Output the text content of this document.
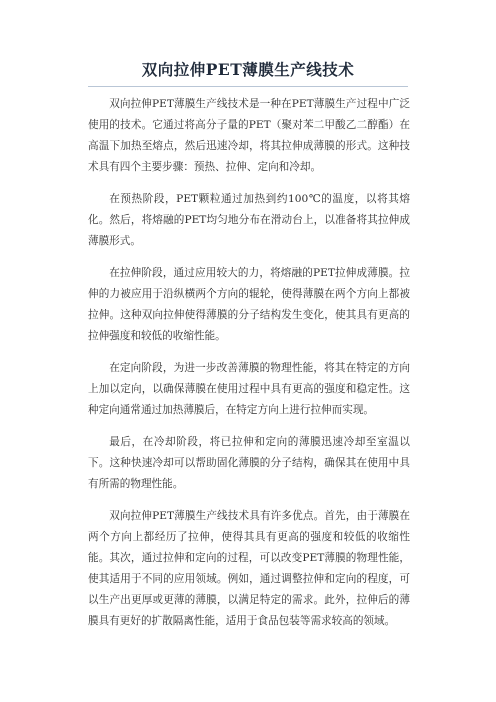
双向拉伸PET薄膜生产线技术

双向拉伸PET薄膜生产线技术是一种在PET薄膜生产过程中广泛使用的技术。它通过将高分子量的PET（聚对苯二甲酸乙二醇酯）在高温下加热至熔点，然后迅速冷却，将其拉伸成薄膜的形式。这种技术具有四个主要步骤：预热、拉伸、定向和冷却。

在预热阶段，PET颗粒通过加热到约100℃的温度，以将其熔化。然后，将熔融的PET均匀地分布在滑动台上，以准备将其拉伸成薄膜形式。

在拉伸阶段，通过应用较大的力，将熔融的PET拉伸成薄膜。拉伸的力被应用于沿纵横两个方向的辊轮，使得薄膜在两个方向上都被拉伸。这种双向拉伸使得薄膜的分子结构发生变化，使其具有更高的拉伸强度和较低的收缩性能。

在定向阶段，为进一步改善薄膜的物理性能，将其在特定的方向上加以定向，以确保薄膜在使用过程中具有更高的强度和稳定性。这种定向通常通过加热薄膜后，在特定方向上进行拉伸而实现。

最后，在冷却阶段，将已拉伸和定向的薄膜迅速冷却至室温以下。这种快速冷却可以帮助固化薄膜的分子结构，确保其在使用中具有所需的物理性能。

双向拉伸PET薄膜生产线技术具有许多优点。首先，由于薄膜在两个方向上都经历了拉伸，使得其具有更高的强度和较低的收缩性能。其次，通过拉伸和定向的过程，可以改变PET薄膜的物理性能，使其适用于不同的应用领域。例如，通过调整拉伸和定向的程度，可以生产出更厚或更薄的薄膜，以满足特定的需求。此外，拉伸后的薄膜具有更好的扩散隔离性能，适用于食品包装等需求较高的领域。
